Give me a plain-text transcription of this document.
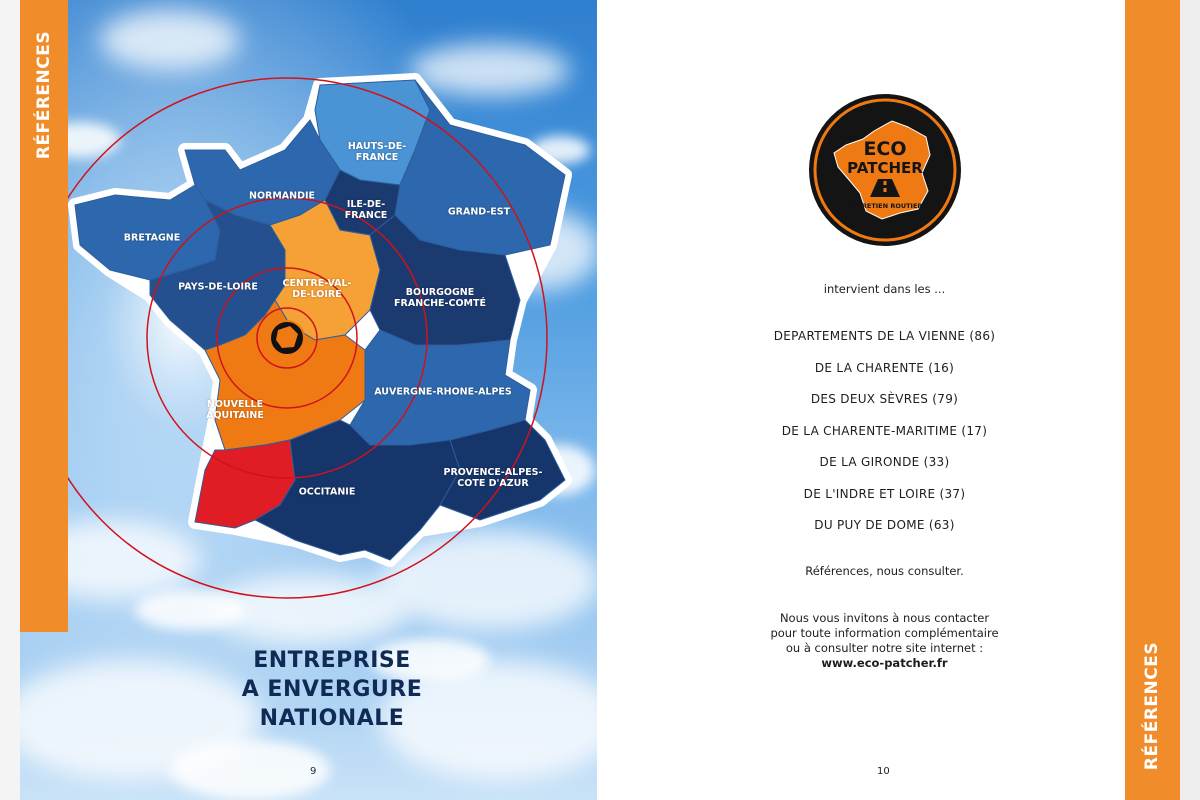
HAUTS-DE-
FRANCE
NORMANDIE
ILE-DE-
FRANCE	GRAND-EST
BRETAGNE
PAYS-DE-LOIRE	CENTRE-VAL-
DE-LOIRE	BOURGOGNE
FRANCHE-COMTÉ
NOUVELLE
AQUITAINE
AUVERGNE-RHONE-ALPES
OCCITANIE
PROVENCE-ALPES-
COTE D'AZUR
RÉFÉRENCES
ENTREPRISE
A ENVERGURE
NATIONALE
9
ECO
PATCHER
ENTRETIEN ROUTIER
intervient dans les ...
DEPARTEMENTS DE LA VIENNE (86)
DE LA CHARENTE (16)
DES DEUX SÈVRES (79)
DE LA CHARENTE-MARITIME (17)
DE LA GIRONDE (33)
DE L'INDRE ET LOIRE (37)
DU PUY DE DOME (63)
Références, nous consulter.
Nous vous invitons à nous contacter
pour toute information complémentaire
ou à consulter notre site internet :
www.eco-patcher.fr
10
RÉFÉRENCES
